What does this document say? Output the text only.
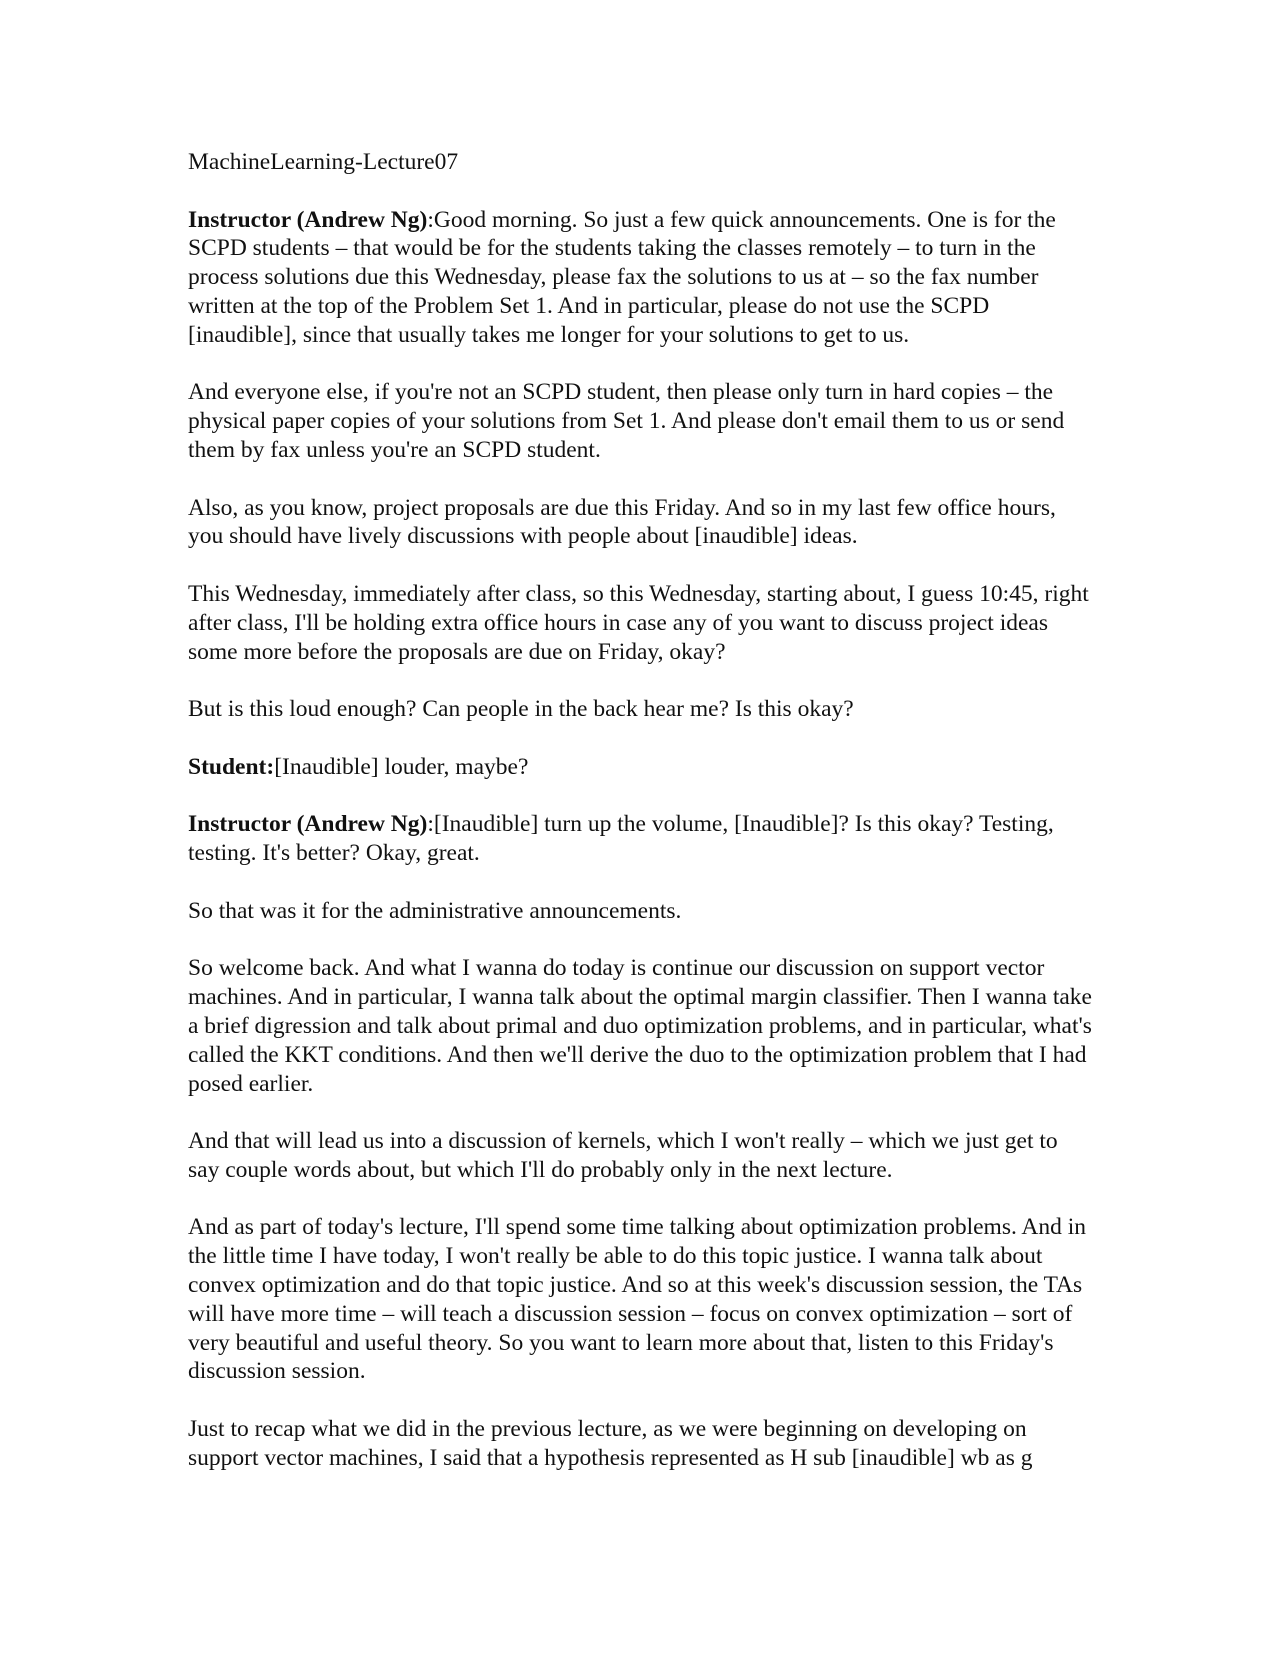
MachineLearning-Lecture07

Instructor (Andrew Ng):Good morning. So just a few quick announcements. One is for the SCPD students – that would be for the students taking the classes remotely – to turn in the process solutions due this Wednesday, please fax the solutions to us at – so the fax number written at the top of the Problem Set 1. And in particular, please do not use the SCPD [inaudible], since that usually takes me longer for your solutions to get to us.

And everyone else, if you're not an SCPD student, then please only turn in hard copies – the physical paper copies of your solutions from Set 1. And please don't email them to us or send them by fax unless you're an SCPD student.

Also, as you know, project proposals are due this Friday. And so in my last few office hours, you should have lively discussions with people about [inaudible] ideas.

This Wednesday, immediately after class, so this Wednesday, starting about, I guess 10:45, right after class, I'll be holding extra office hours in case any of you want to discuss project ideas some more before the proposals are due on Friday, okay?

But is this loud enough? Can people in the back hear me? Is this okay?

Student:[Inaudible] louder, maybe?

Instructor (Andrew Ng):[Inaudible] turn up the volume, [Inaudible]? Is this okay? Testing, testing. It's better? Okay, great.

So that was it for the administrative announcements.

So welcome back. And what I wanna do today is continue our discussion on support vector machines. And in particular, I wanna talk about the optimal margin classifier. Then I wanna take a brief digression and talk about primal and duo optimization problems, and in particular, what's called the KKT conditions. And then we'll derive the duo to the optimization problem that I had posed earlier.

And that will lead us into a discussion of kernels, which I won't really – which we just get to say couple words about, but which I'll do probably only in the next lecture.

And as part of today's lecture, I'll spend some time talking about optimization problems. And in the little time I have today, I won't really be able to do this topic justice. I wanna talk about convex optimization and do that topic justice. And so at this week's discussion session, the TAs will have more time – will teach a discussion session – focus on convex optimization – sort of very beautiful and useful theory. So you want to learn more about that, listen to this Friday's discussion session.

Just to recap what we did in the previous lecture, as we were beginning on developing on support vector machines, I said that a hypothesis represented as H sub [inaudible] wb as g
